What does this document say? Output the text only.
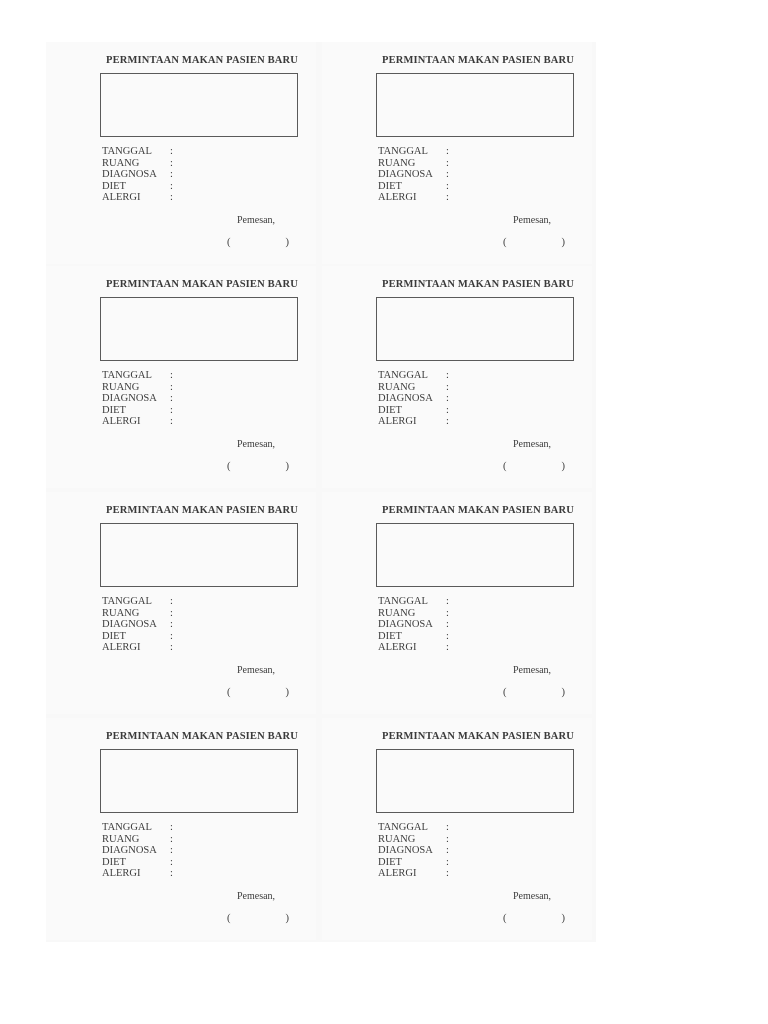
PERMINTAAN MAKAN PASIEN BARU
TANGGAL	:
RUANG	:
DIAGNOSA	:
DIET	:
ALERGI	:
Pemesan,
(	)
PERMINTAAN MAKAN PASIEN BARU
TANGGAL	:
RUANG	:
DIAGNOSA	:
DIET	:
ALERGI	:
Pemesan,
(	)
PERMINTAAN MAKAN PASIEN BARU
TANGGAL	:
RUANG	:
DIAGNOSA	:
DIET	:
ALERGI	:
Pemesan,
(	)
PERMINTAAN MAKAN PASIEN BARU
TANGGAL	:
RUANG	:
DIAGNOSA	:
DIET	:
ALERGI	:
Pemesan,
(	)
PERMINTAAN MAKAN PASIEN BARU
TANGGAL	:
RUANG	:
DIAGNOSA	:
DIET	:
ALERGI	:
Pemesan,
(	)
PERMINTAAN MAKAN PASIEN BARU
TANGGAL	:
RUANG	:
DIAGNOSA	:
DIET	:
ALERGI	:
Pemesan,
(	)
PERMINTAAN MAKAN PASIEN BARU
TANGGAL	:
RUANG	:
DIAGNOSA	:
DIET	:
ALERGI	:
Pemesan,
(	)
PERMINTAAN MAKAN PASIEN BARU
TANGGAL	:
RUANG	:
DIAGNOSA	:
DIET	:
ALERGI	:
Pemesan,
(	)
